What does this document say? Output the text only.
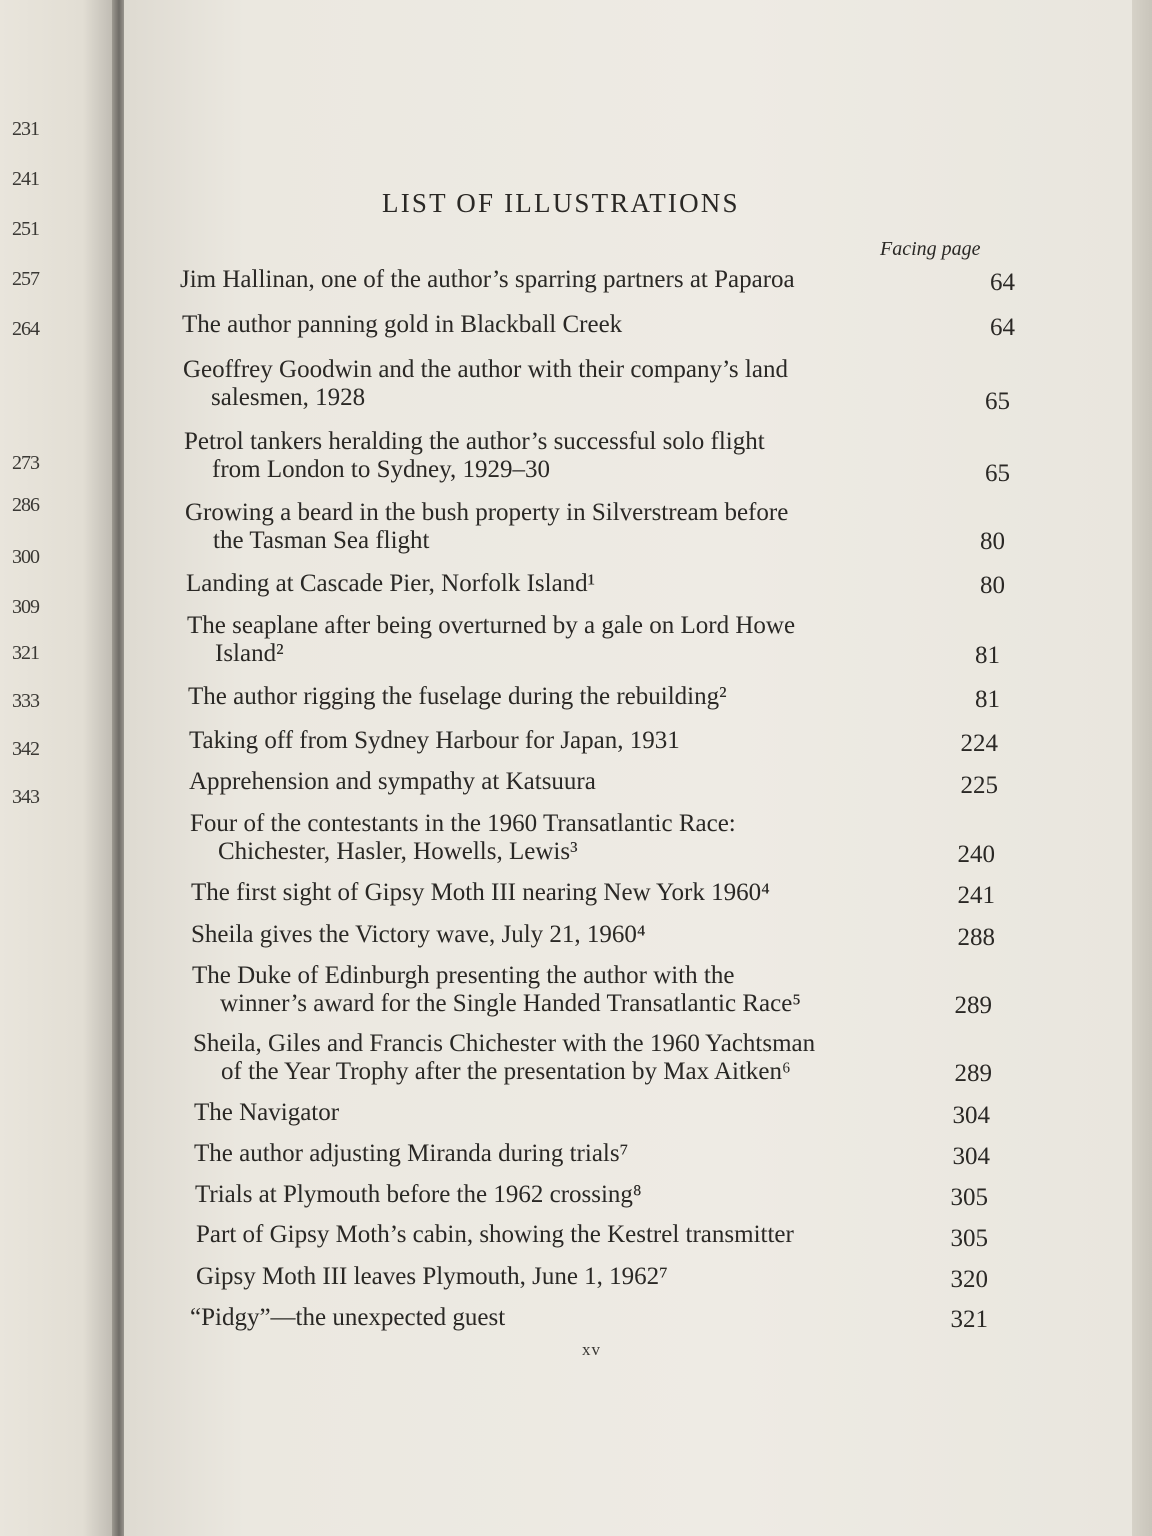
231
241
251
257
264
273
286
300
309
321
333
342
343
LIST OF ILLUSTRATIONS
Facing page
Jim Hallinan, one of the author’s sparring partners at Paparoa	64
The author panning gold in Blackball Creek	64
Geoffrey Goodwin and the author with their company’s land
salesmen, 1928	65
Petrol tankers heralding the author’s successful solo flight
from London to Sydney, 1929–30	65
Growing a beard in the bush property in Silverstream before
the Tasman Sea flight	80
Landing at Cascade Pier, Norfolk Island¹	80
The seaplane after being overturned by a gale on Lord Howe
Island²	81
The author rigging the fuselage during the rebuilding²	81
Taking off from Sydney Harbour for Japan, 1931	224
Apprehension and sympathy at Katsuura	225
Four of the contestants in the 1960 Transatlantic Race:
Chichester, Hasler, Howells, Lewis³	240
The first sight of Gipsy Moth III nearing New York 1960⁴	241
Sheila gives the Victory wave, July 21, 1960⁴	288
The Duke of Edinburgh presenting the author with the
winner’s award for the Single Handed Transatlantic Race⁵	289
Sheila, Giles and Francis Chichester with the 1960 Yachtsman
of the Year Trophy after the presentation by Max Aitken⁶	289
The Navigator	304
The author adjusting Miranda during trials⁷	304
Trials at Plymouth before the 1962 crossing⁸	305
Part of Gipsy Moth’s cabin, showing the Kestrel transmitter	305
Gipsy Moth III leaves Plymouth, June 1, 1962⁷	320
“Pidgy”—the unexpected guest	321
xv
